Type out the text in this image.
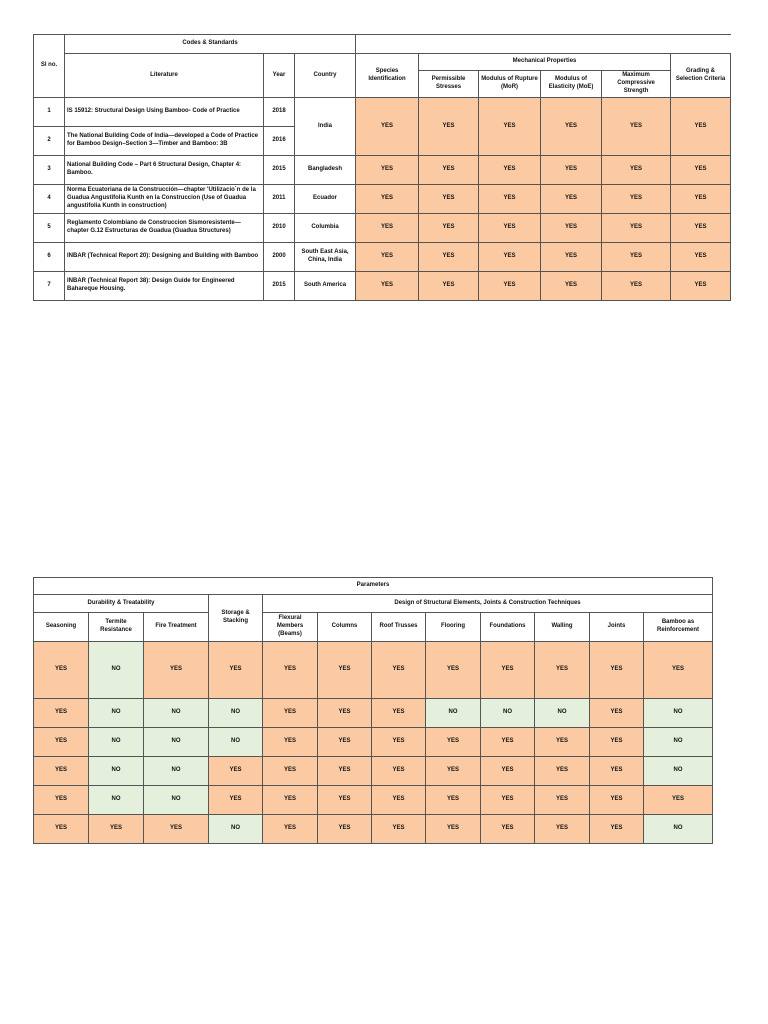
Sl no.	Codes & Standards								
	Literature	Year	Country	Species Identification	Mechanical Properties				Grading & Selection Criteria
					Permissible Stresses	Modulus of Rupture (MoR)	Modulus of Elasticity (MoE)	Maximum Compressive Strength	
1	IS 15912: Structural Design Using Bamboo- Code of Practice	2018	India	YES	YES	YES	YES	YES	YES
2	The National Building Code of India—developed a Code of Practice for Bamboo Design–Section 3—Timber and Bamboo: 3B	2016							
3	National Building Code – Part 6 Structural Design, Chapter 4: Bamboo.	2015	Bangladesh	YES	YES	YES	YES	YES	YES
4	Norma Ecuatoriana de la Construcción—chapter 'Utilizacio´n de la Guadua Angustifolia Kunth en la Construccion (Use of Guadua angustifolia Kunth in construction)	2011	Ecuador	YES	YES	YES	YES	YES	YES
5	Reglamento Colombiano de Construccion Sismoresistente—chapter G.12 Estructuras de Guadua (Guadua Structures)	2010	Columbia	YES	YES	YES	YES	YES	YES
6	INBAR (Technical Report 20): Designing and Building with Bamboo	2000	South East Asia, China, India	YES	YES	YES	YES	YES	YES
7	INBAR (Technical Report 38): Design Guide for Engineered Bahareque Housing.	2015	South America	YES	YES	YES	YES	YES	YES
Parameters											
Durability & Treatability			Storage & Stacking	Design of Structural Elements, Joints & Construction Techniques							
Seasoning	Termite Resistance	Fire Treatment		Flexural Members (Beams)	Columns	Roof Trusses	Flooring	Foundations	Walling	Joints	Bamboo as Reinforcement
YES	NO	YES	YES	YES	YES	YES	YES	YES	YES	YES	YES
YES	NO	NO	NO	YES	YES	YES	NO	NO	NO	YES	NO
YES	NO	NO	NO	YES	YES	YES	YES	YES	YES	YES	NO
YES	NO	NO	YES	YES	YES	YES	YES	YES	YES	YES	NO
YES	NO	NO	YES	YES	YES	YES	YES	YES	YES	YES	YES
YES	YES	YES	NO	YES	YES	YES	YES	YES	YES	YES	NO
